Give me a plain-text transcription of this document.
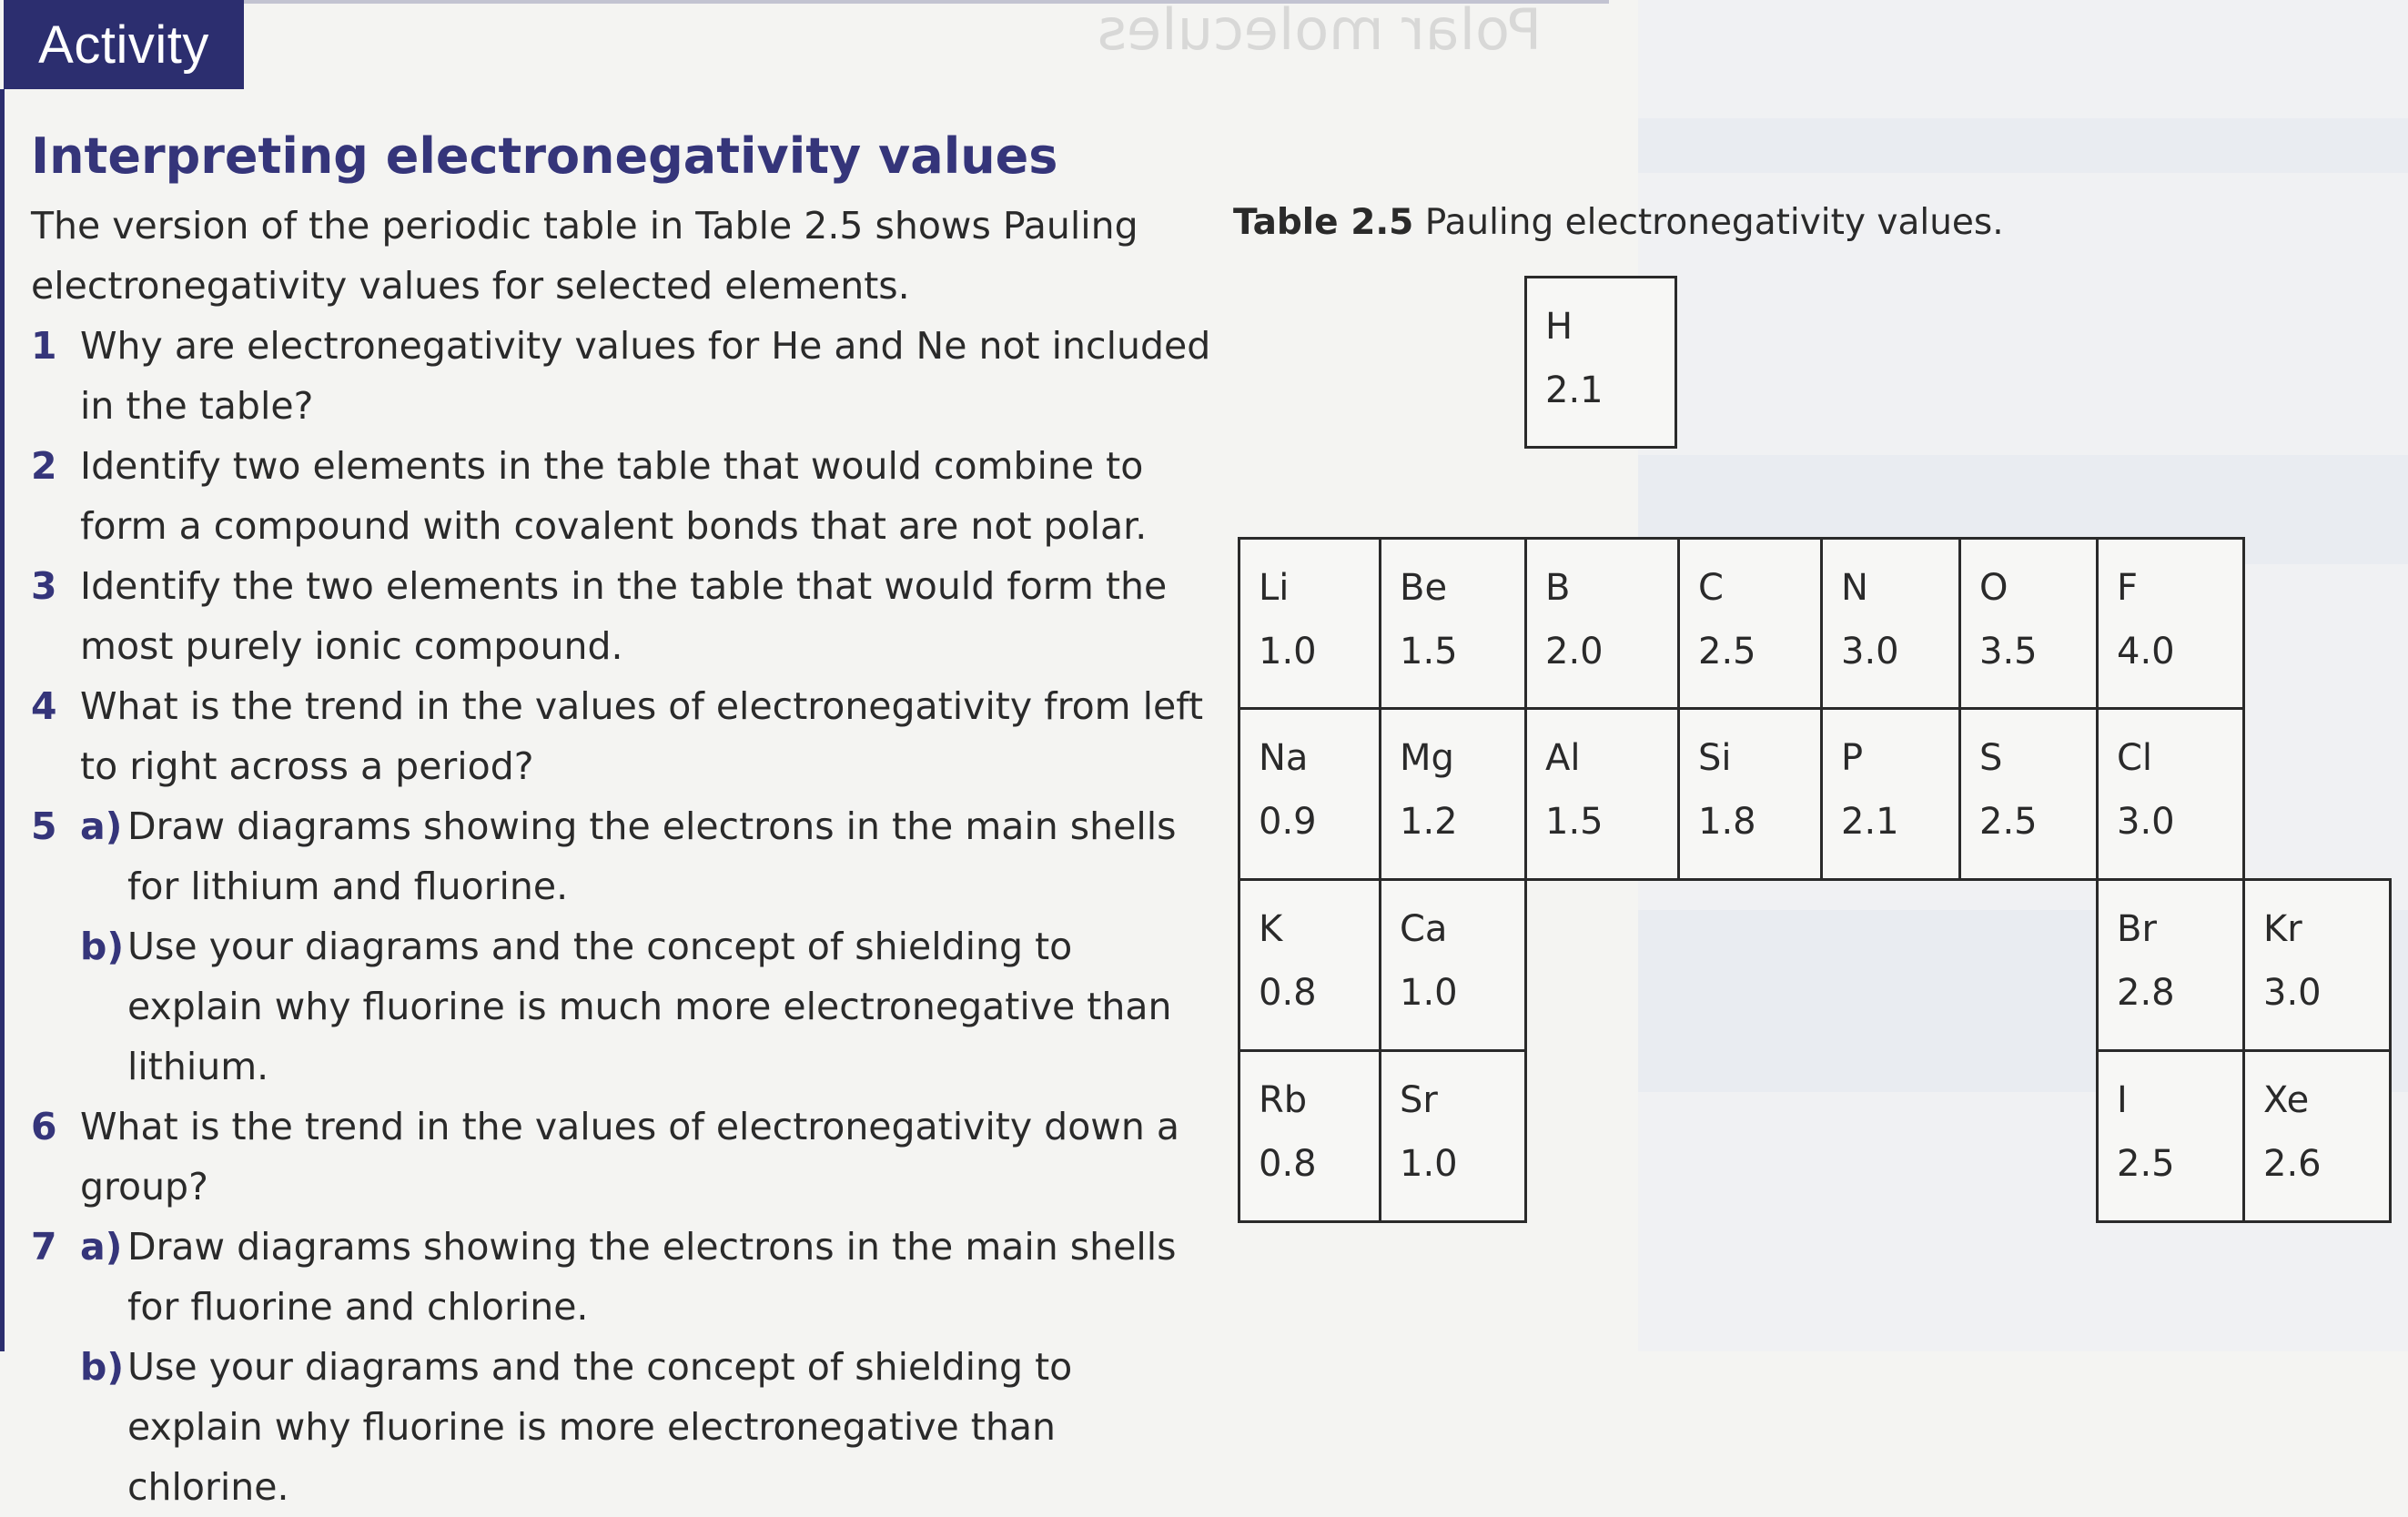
Polar molecules
Activity
Interpreting electronegativity values
The version of the periodic table in Table 2.5 shows Pauling electronegativity values for selected elements.
1 Why are electronegativity values for He and Ne not included in the table?
2 Identify two elements in the table that would combine to form a compound with covalent bonds that are not polar.
3 Identify the two elements in the table that would form the most purely ionic compound.
4 What is the trend in the values of electronegativity from left to right across a period?
5 a) Draw diagrams showing the electrons in the main shells for lithium and fluorine.
b) Use your diagrams and the concept of shielding to explain why fluorine is much more electronegative than lithium.
6 What is the trend in the values of electronegativity down a group?
7 a) Draw diagrams showing the electrons in the main shells for fluorine and chlorine.
b) Use your diagrams and the concept of shielding to explain why fluorine is more electronegative than chlorine.
Table 2.5 Pauling electronegativity values.
H
2.1
Li
1.0
Be
1.5
B
2.0
C
2.5
N
3.0
O
3.5
F
4.0
Na
0.9
Mg
1.2
Al
1.5
Si
1.8
P
2.1
S
2.5
Cl
3.0
K
0.8
Ca
1.0
Br
2.8
Kr
3.0
Rb
0.8
Sr
1.0
I
2.5
Xe
2.6
